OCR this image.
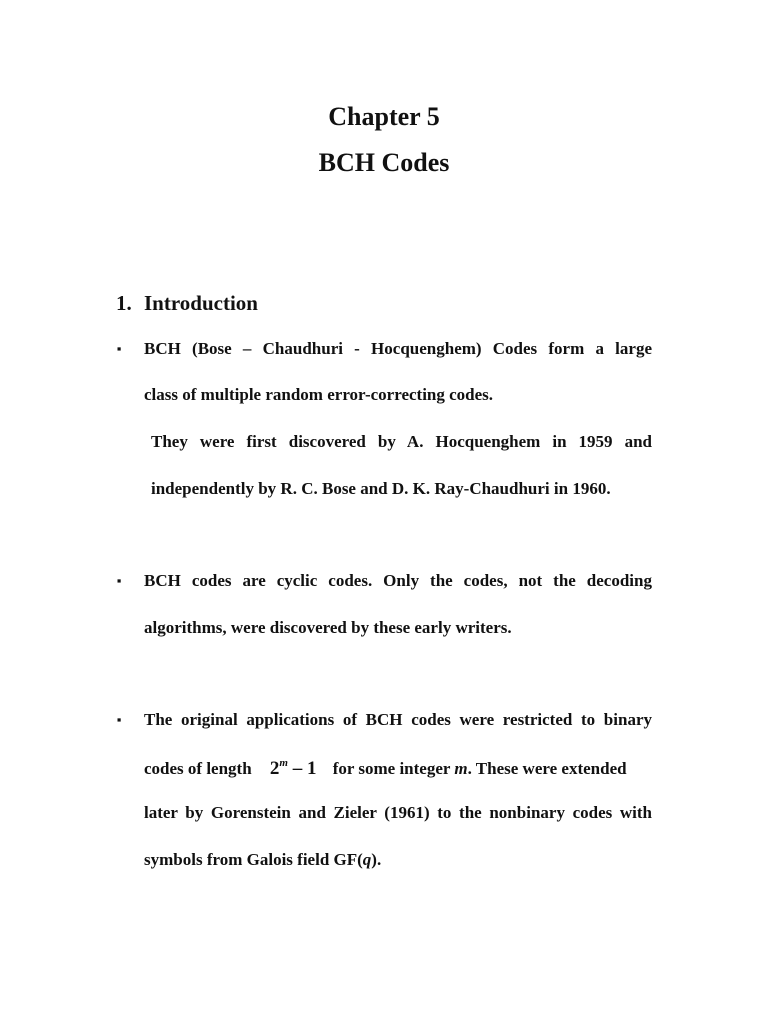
Chapter 5
BCH Codes
1. Introduction
▪ BCH (Bose – Chaudhuri - Hocquenghem) Codes form a large
class of multiple random error-correcting codes.
They were first discovered by A. Hocquenghem in 1959 and
independently by R. C. Bose and D. K. Ray-Chaudhuri in 1960.
▪ BCH codes are cyclic codes. Only the codes, not the decoding
algorithms, were discovered by these early writers.
▪ The original applications of BCH codes were restricted to binary
codes of length 2$^m$ – 1 for some integer m. These were extended
later by Gorenstein and Zieler (1961) to the nonbinary codes with
symbols from Galois field GF(q).
